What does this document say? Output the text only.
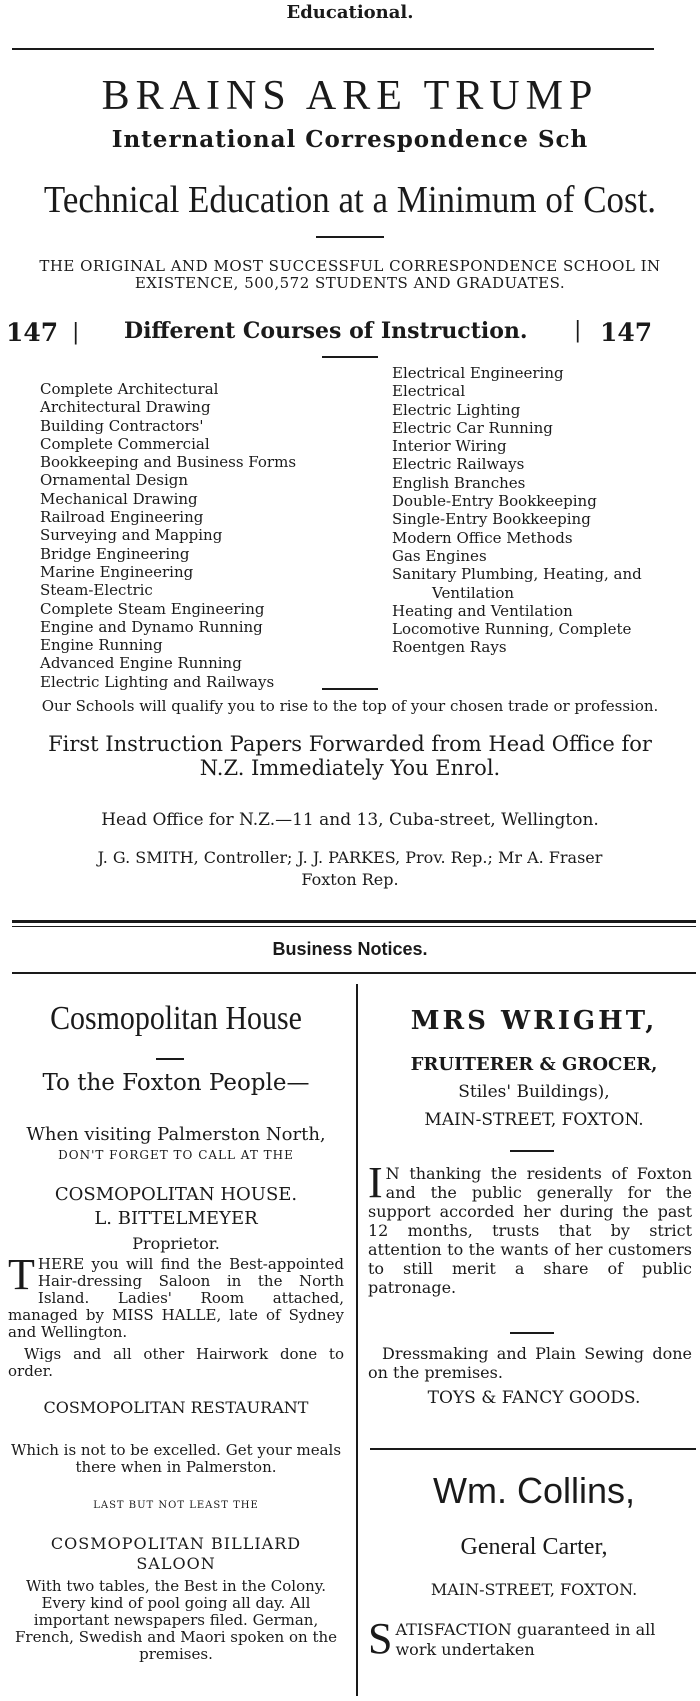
Educational.
BRAINS ARE TRUMP
International Correspondence Sch
Technical Education at a Minimum of Cost.
THE ORIGINAL AND MOST SUCCESSFUL CORRESPONDENCE SCHOOL IN
EXISTENCE, 500,572 STUDENTS AND GRADUATES.
147 | Different Courses of Instruction. | 147
Complete Architectural
Architectural Drawing
Building Contractors'
Complete Commercial
Bookkeeping and Business Forms
Ornamental Design
Mechanical Drawing
Railroad Engineering
Surveying and Mapping
Bridge Engineering
Marine Engineering
Steam-Electric
Complete Steam Engineering
Engine and Dynamo Running
Engine Running
Advanced Engine Running
Electric Lighting and Railways
Electrical Engineering
Electrical
Electric Lighting
Electric Car Running
Interior Wiring
Electric Railways
English Branches
Double-Entry Bookkeeping
Single-Entry Bookkeeping
Modern Office Methods
Gas Engines
Sanitary Plumbing, Heating, and
Ventilation
Heating and Ventilation
Locomotive Running, Complete
Roentgen Rays
Our Schools will qualify you to rise to the top of your chosen trade or profession.
First Instruction Papers Forwarded from Head Office for
N.Z. Immediately You Enrol.
Head Office for N.Z.—11 and 13, Cuba-street, Wellington.
J. G. SMITH, Controller; J. J. PARKES, Prov. Rep.; Mr A. Fraser
Foxton Rep.
Business Notices.
Cosmopolitan House
To the Foxton People—
When visiting Palmerston North,
DON'T FORGET TO CALL AT THE
COSMOPOLITAN HOUSE.
L. BITTELMEYER
Proprietor.
THERE you will find the Best-appointed Hair-dressing Saloon in the North Island. Ladies' Room attached, managed by MISS HALLE, late of Sydney and Wellington.
Wigs and all other Hairwork done to order.
COSMOPOLITAN RESTAURANT
Which is not to be excelled. Get your meals there when in Palmerston.
LAST BUT NOT LEAST THE
COSMOPOLITAN BILLIARD
SALOON
With two tables, the Best in the Colony. Every kind of pool going all day. All important newspapers filed. German, French, Swedish and Maori spoken on the premises.
MRS WRIGHT,
FRUITERER & GROCER,
Stiles' Buildings),
MAIN-STREET, FOXTON.
I N thanking the residents of Foxton and the public generally for the support accorded her during the past 12 months, trusts that by strict attention to the wants of her customers to still merit a share of public patronage.
Dressmaking and Plain Sewing done on the premises.
TOYS & FANCY GOODS.
Wm. Collins,
General Carter,
MAIN-STREET, FOXTON.
SATISFACTION guaranteed in all work undertaken
